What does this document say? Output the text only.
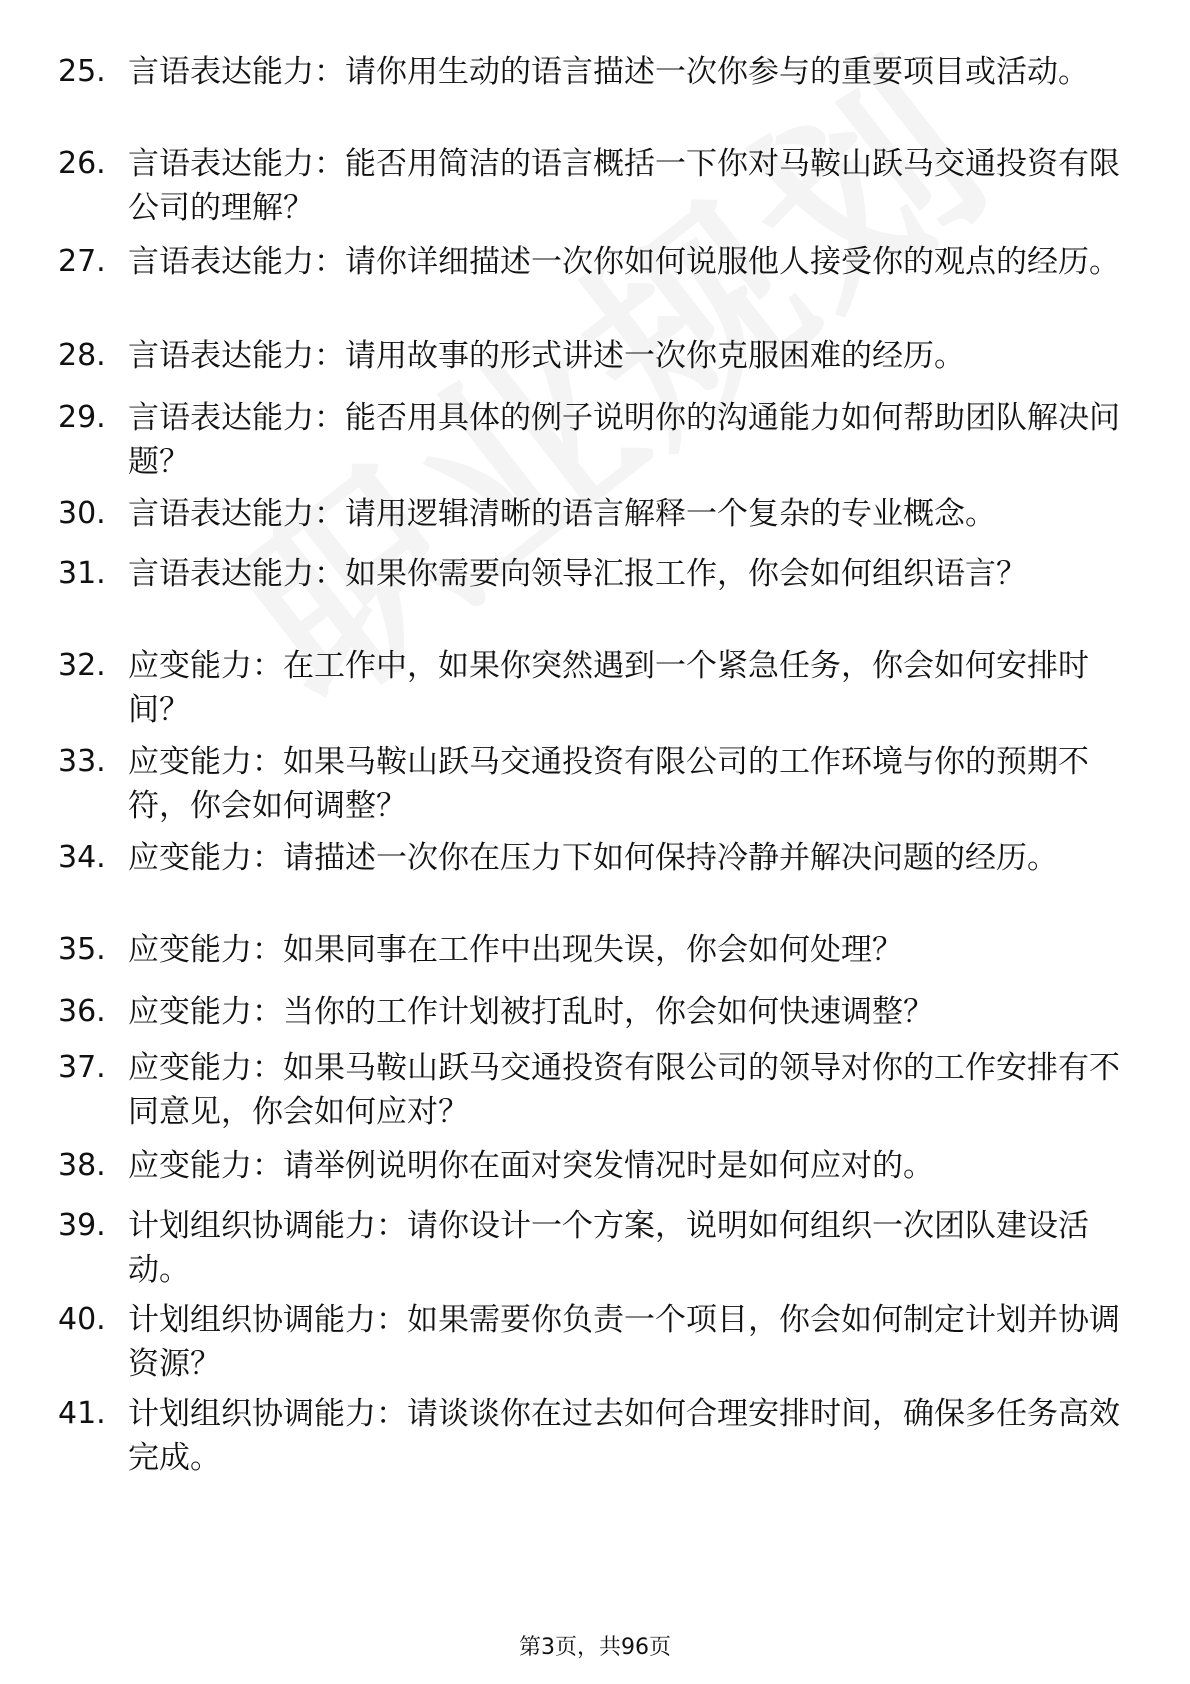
25. 言语表达能力：请你用生动的语言描述一次你参与的重要项目或活动。
26. 言语表达能力：能否用简洁的语言概括一下你对马鞍山跃马交通投资有限公司的理解？
27. 言语表达能力：请你详细描述一次你如何说服他人接受你的观点的经历。
28. 言语表达能力：请用故事的形式讲述一次你克服困难的经历。
29. 言语表达能力：能否用具体的例子说明你的沟通能力如何帮助团队解决问题？
30. 言语表达能力：请用逻辑清晰的语言解释一个复杂的专业概念。
31. 言语表达能力：如果你需要向领导汇报工作，你会如何组织语言？
32. 应变能力：在工作中，如果你突然遇到一个紧急任务，你会如何安排时间？
33. 应变能力：如果马鞍山跃马交通投资有限公司的工作环境与你的预期不符，你会如何调整？
34. 应变能力：请描述一次你在压力下如何保持冷静并解决问题的经历。
35. 应变能力：如果同事在工作中出现失误，你会如何处理？
36. 应变能力：当你的工作计划被打乱时，你会如何快速调整？
37. 应变能力：如果马鞍山跃马交通投资有限公司的领导对你的工作安排有不同意见，你会如何应对？
38. 应变能力：请举例说明你在面对突发情况时是如何应对的。
39. 计划组织协调能力：请你设计一个方案，说明如何组织一次团队建设活动。
40. 计划组织协调能力：如果需要你负责一个项目，你会如何制定计划并协调资源？
41. 计划组织协调能力：请谈谈你在过去如何合理安排时间，确保多任务高效完成。
第3页，共96页
